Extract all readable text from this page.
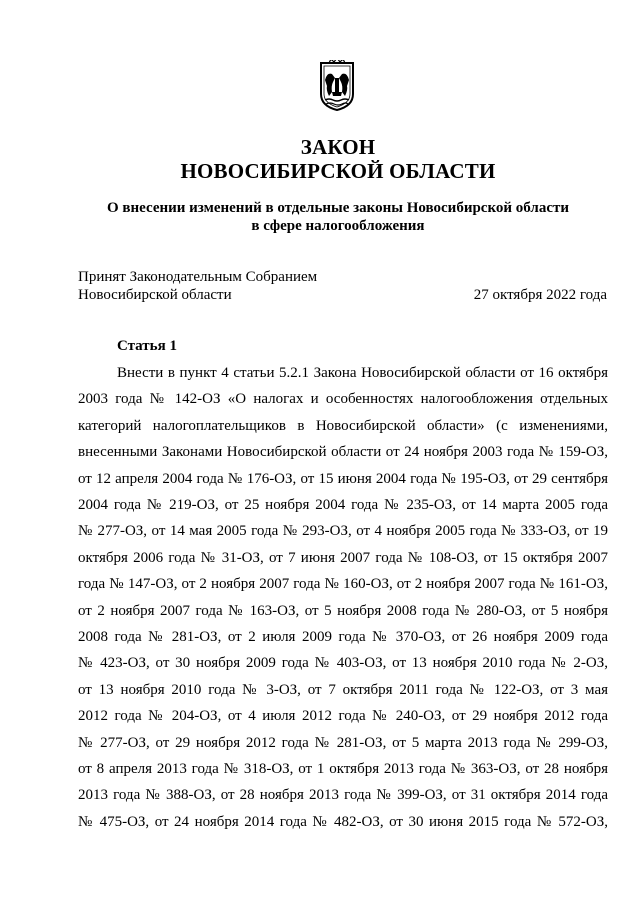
ЗАКОН
НОВОСИБИРСКОЙ ОБЛАСТИ
О внесении изменений в отдельные законы Новосибирской области
в сфере налогообложения
Принят Законодательным Собранием
Новосибирской области	27 октября 2022 года
Статья 1
Внести в пункт 4 статьи 5.2.1 Закона Новосибирской области от 16 октября
2003 года № 142-ОЗ «О налогах и особенностях налогообложения отдельных
категорий налогоплательщиков в Новосибирской области» (с изменениями,
внесенными Законами Новосибирской области от 24 ноября 2003 года № 159-ОЗ,
от 12 апреля 2004 года № 176-ОЗ, от 15 июня 2004 года № 195-ОЗ, от 29 сентября
2004 года № 219-ОЗ, от 25 ноября 2004 года № 235-ОЗ, от 14 марта 2005 года
№ 277-ОЗ, от 14 мая 2005 года № 293-ОЗ, от 4 ноября 2005 года № 333-ОЗ, от 19
октября 2006 года № 31-ОЗ, от 7 июня 2007 года № 108-ОЗ, от 15 октября 2007
года № 147-ОЗ, от 2 ноября 2007 года № 160-ОЗ, от 2 ноября 2007 года № 161-ОЗ,
от 2 ноября 2007 года № 163-ОЗ, от 5 ноября 2008 года № 280-ОЗ, от 5 ноября
2008 года № 281-ОЗ, от 2 июля 2009 года № 370-ОЗ, от 26 ноября 2009 года
№ 423-ОЗ, от 30 ноября 2009 года № 403-ОЗ, от 13 ноября 2010 года № 2-ОЗ,
от 13 ноября 2010 года № 3-ОЗ, от 7 октября 2011 года № 122-ОЗ, от 3 мая
2012 года № 204-ОЗ, от 4 июля 2012 года № 240-ОЗ, от 29 ноября 2012 года
№ 277-ОЗ, от 29 ноября 2012 года № 281-ОЗ, от 5 марта 2013 года № 299-ОЗ,
от 8 апреля 2013 года № 318-ОЗ, от 1 октября 2013 года № 363-ОЗ, от 28 ноября
2013 года № 388-ОЗ, от 28 ноября 2013 года № 399-ОЗ, от 31 октября 2014 года
№ 475-ОЗ, от 24 ноября 2014 года № 482-ОЗ, от 30 июня 2015 года № 572-ОЗ,
